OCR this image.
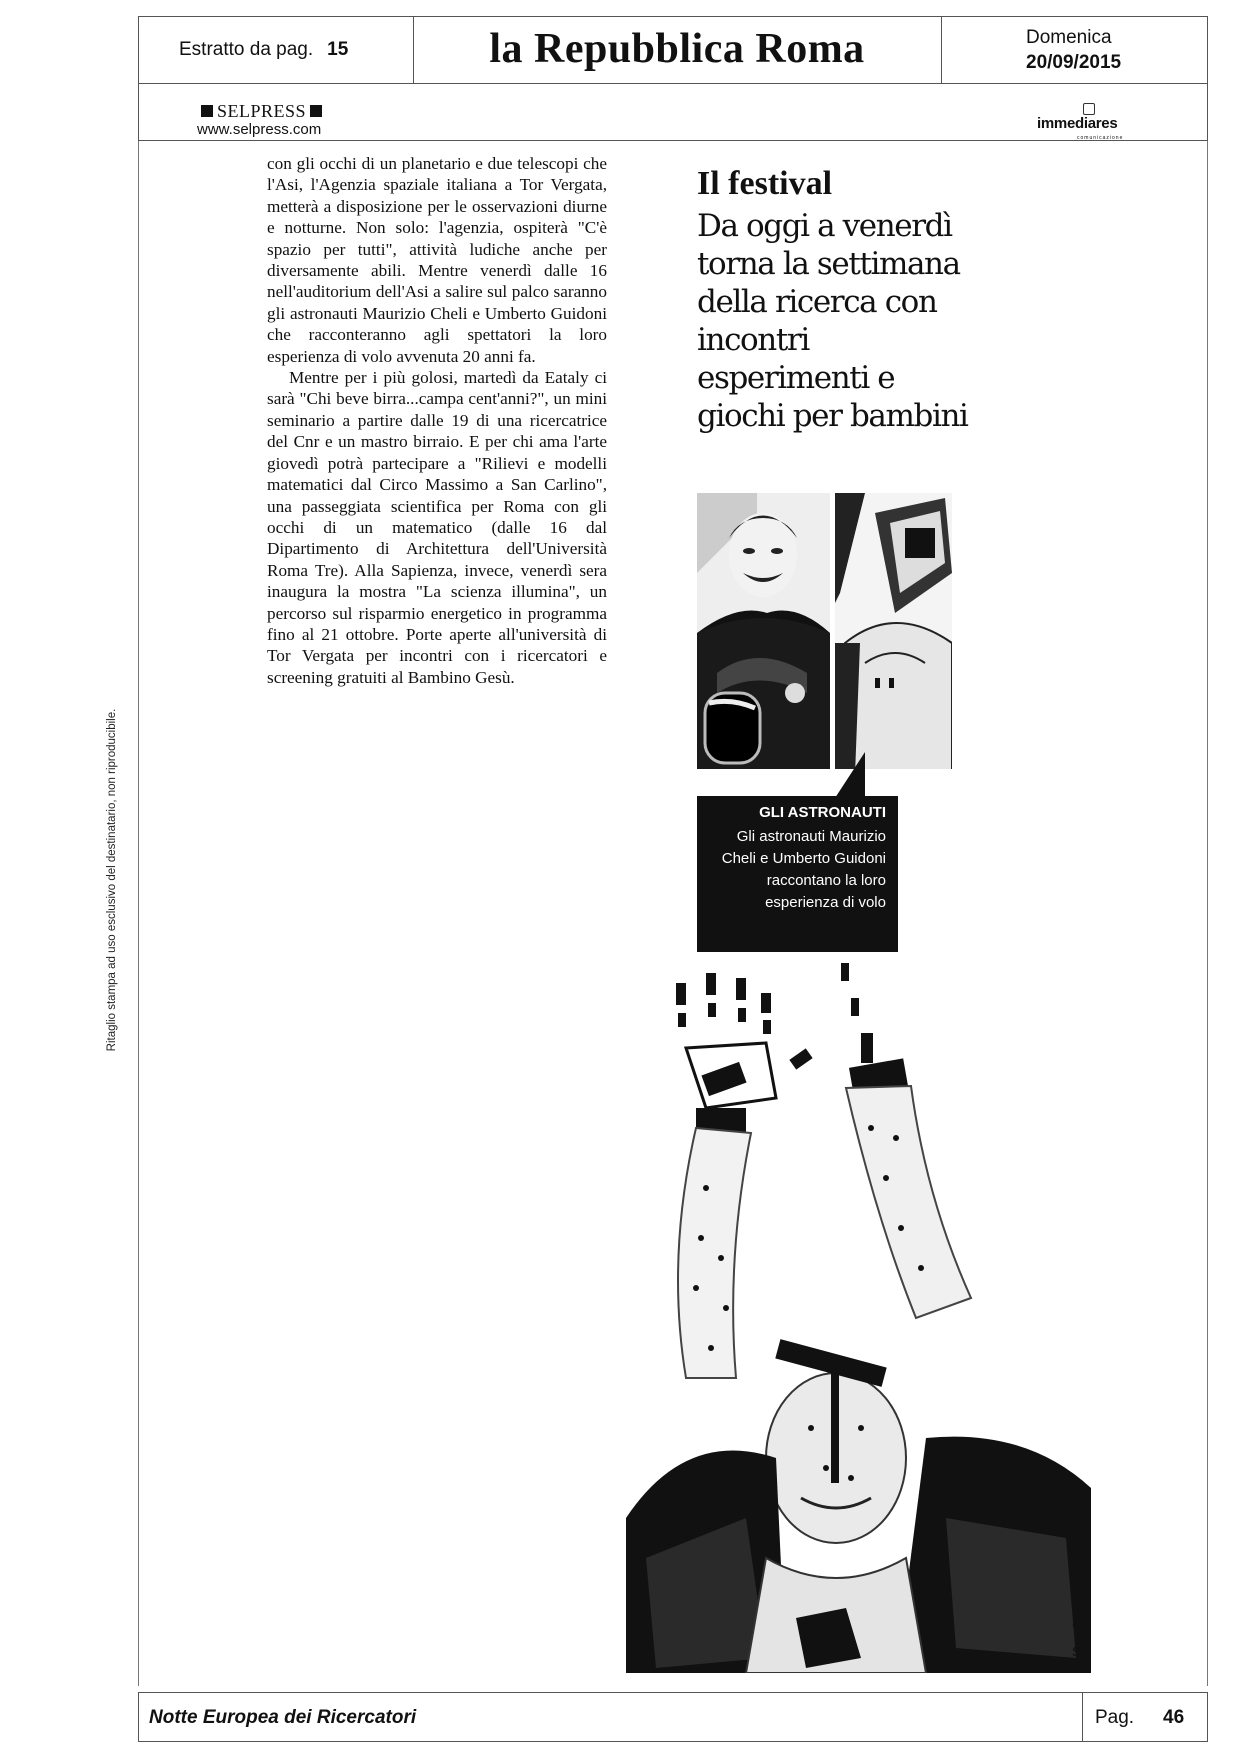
Estratto da pag. 15	la Repubblica Roma	Domenica
20/09/2015
SELPRESS
www.selpress.com	immediares
comunicazione
Ritaglio stampa ad uso esclusivo del destinatario, non riproducibile.

con gli occhi di un planetario e due telescopi che l'Asi, l'Agenzia spaziale italiana a Tor Vergata, metterà a disposizione per le osservazioni diurne e notturne. Non solo: l'agenzia, ospiterà "C'è spazio per tutti", attività ludiche anche per diversamente abili. Mentre venerdì dalle 16 nell'auditorium dell'Asi a salire sul palco saranno gli astronauti Maurizio Cheli e Umberto Guidoni che racconteranno agli spettatori la loro esperienza di volo avvenuta 20 anni fa.

Mentre per i più golosi, martedì da Eataly ci sarà "Chi beve birra...campa cent'anni?", un mini seminario a partire dalle 19 di una ricercatrice del Cnr e un mastro birraio. E per chi ama l'arte giovedì potrà partecipare a "Rilievi e modelli matematici dal Circo Massimo a San Carlino", una passeggiata scientifica per Roma con gli occhi di un matematico (dalle 16 dal Dipartimento di Architettura dell'Università Roma Tre). Alla Sapienza, invece, venerdì sera inaugura la mostra "La scienza illumina", un percorso sul risparmio energetico in programma fino al 21 ottobre. Porte aperte all'università di Tor Vergata per incontri con i ricercatori e screening gratuiti al Bambino Gesù.

Il festival
Da oggi a venerdì torna la settimana della ricerca con incontri esperimenti e giochi per bambini
GLI ASTRONAUTI
Gli astronauti Maurizio Cheli e Umberto Guidoni raccontano la loro esperienza di volo
e
so
Notte Europea dei Ricercatori	Pag. 46
